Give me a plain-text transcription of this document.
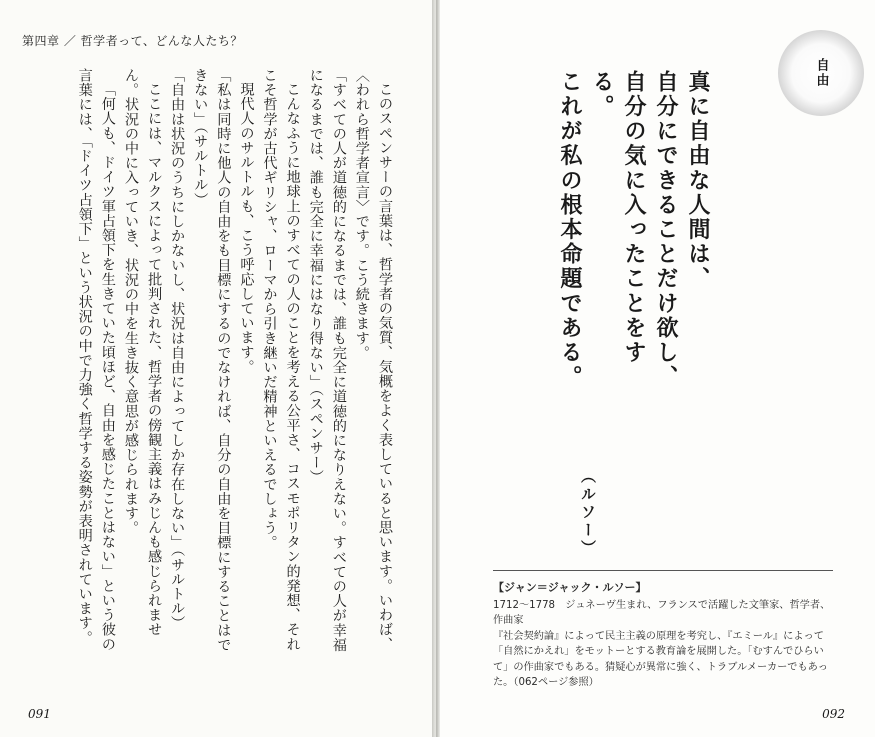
第四章 ／ 哲学者って、どんな人たち？

このスペンサーの言葉は、哲学者の気質、気概をよく表していると思います。いわば、〈われら哲学者宣言〉です。こう続きます。

「すべての人が道徳的になるまでは、誰も完全に道徳的になりえない。すべての人が幸福になるまでは、誰も完全に幸福にはなり得ない」（スペンサー）

こんなふうに地球上のすべての人のことを考える公平さ、コスモポリタン的発想、それこそ哲学が古代ギリシャ、ローマから引き継いだ精神といえるでしょう。

現代人のサルトルも、こう呼応しています。

「私は同時に他人の自由をも目標にするのでなければ、自分の自由を目標にすることはできない」（サルトル）

「自由は状況のうちにしかないし、状況は自由によってしか存在しない」（サルトル）

ここには、マルクスによって批判された、哲学者の傍観主義はみじんも感じられません。状況の中に入っていき、状況の中を生き抜く意思が感じられます。

「何人も、ドイツ軍占領下を生きていた頃ほど、自由を感じたことはない」という彼の言葉には、「ドイツ占領下」という状況の中で力強く哲学する姿勢が表明されています。

091
自由

真に自由な人間は、

自分にできることだけ欲し、

自分の気に入ったことをする。

これが私の根本命題である。

（ルソー）
【ジャン＝ジャック・ルソー】

1712〜1778　ジュネーヴ生まれ、フランスで活躍した文筆家、哲学者、作曲家

『社会契約論』によって民主主義の原理を考究し、『エミール』によって「自然にかえれ」をモットーとする教育論を展開した。「むすんでひらいて」の作曲家でもある。猜疑心が異常に強く、トラブルメーカーでもあった。（062ページ参照）

092
